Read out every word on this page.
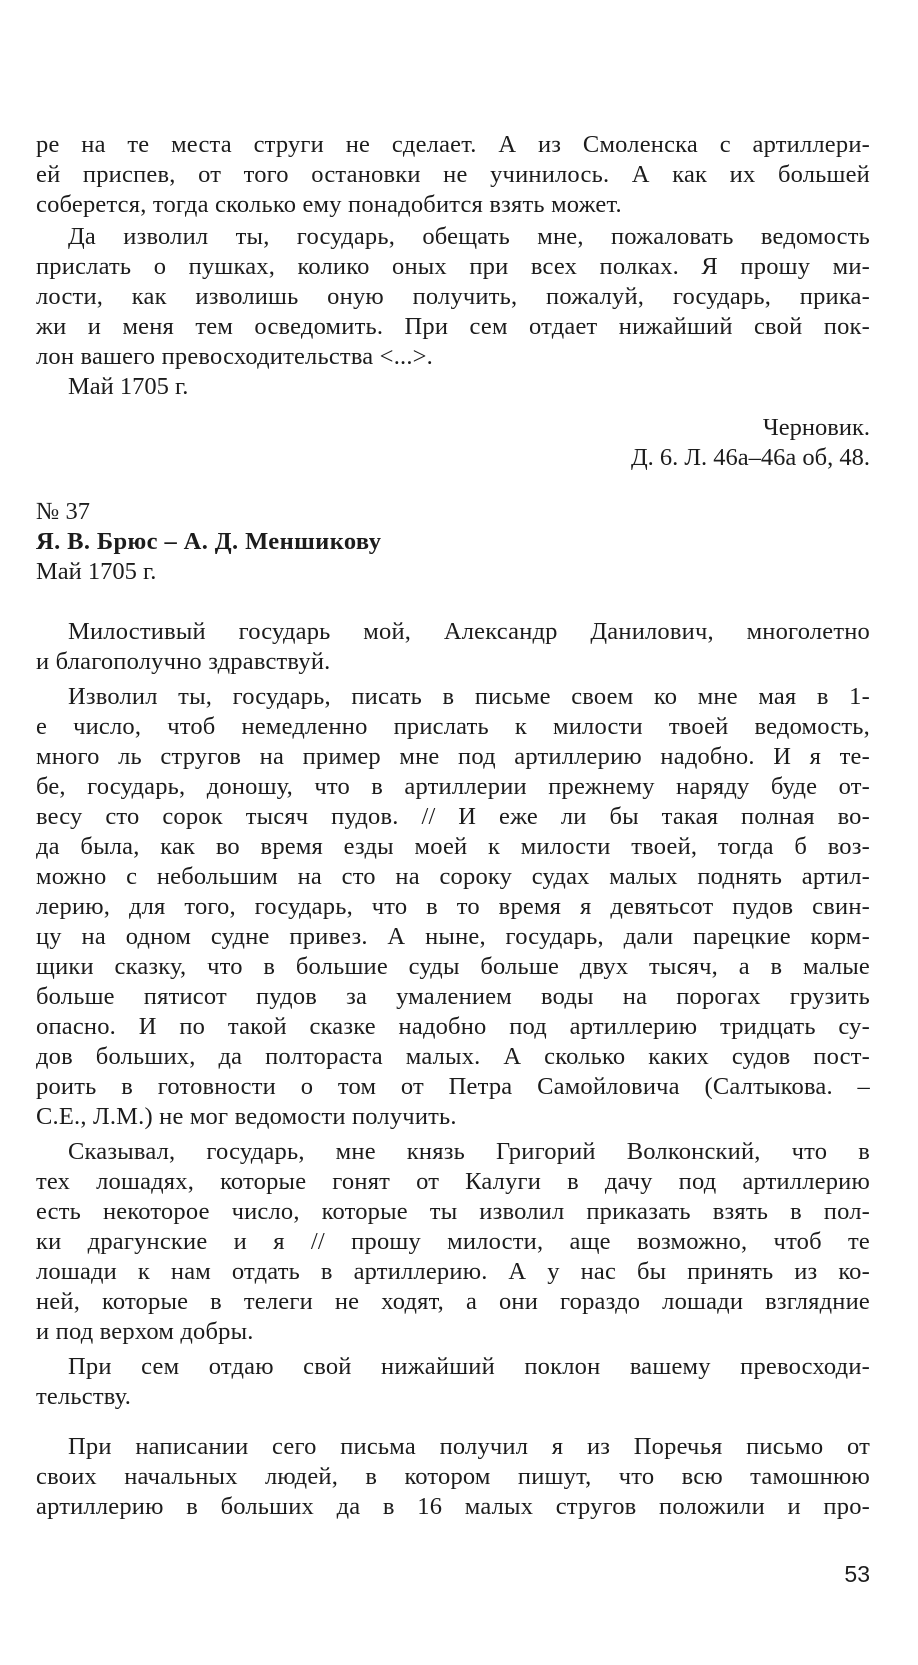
ре на те места струги не сделает. А из Смоленска с артиллери-
ей приспев, от того остановки не учинилось. А как их большей
соберется, тогда сколько ему понадобится взять может.
Да изволил ты, государь, обещать мне, пожаловать ведомость
прислать о пушках, колико оных при всех полках. Я прошу ми-
лости, как изволишь оную получить, пожалуй, государь, прика-
жи и меня тем осведомить. При сем отдает нижайший свой пок-
лон вашего превосходительства <...>.
Май 1705 г.
Черновик.
Д. 6. Л. 46а–46а об, 48.
№ 37
Я. В. Брюс – А. Д. Меншикову
Май 1705 г.
Милостивый государь мой, Александр Данилович, многолетно
и благополучно здравствуй.
Изволил ты, государь, писать в письме своем ко мне мая в 1-
е число, чтоб немедленно прислать к милости твоей ведомость,
много ль стругов на пример мне под артиллерию надобно. И я те-
бе, государь, доношу, что в артиллерии прежнему наряду буде от-
весу сто сорок тысяч пудов. // И еже ли бы такая полная во-
да была, как во время езды моей к милости твоей, тогда б воз-
можно с небольшим на сто на сороку судах малых поднять артил-
лерию, для того, государь, что в то время я девятьсот пудов свин-
цу на одном судне привез. А ныне, государь, дали парецкие корм-
щики сказку, что в большие суды больше двух тысяч, а в малые
больше пятисот пудов за умалением воды на порогах грузить
опасно. И по такой сказке надобно под артиллерию тридцать су-
дов больших, да полтораста малых. А сколько каких судов пост-
роить в готовности о том от Петра Самойловича (Салтыкова. –
С.Е., Л.М.) не мог ведомости получить.
Сказывал, государь, мне князь Григорий Волконский, что в
тех лошадях, которые гонят от Калуги в дачу под артиллерию
есть некоторое число, которые ты изволил приказать взять в пол-
ки драгунские и я // прошу милости, аще возможно, чтоб те
лошади к нам отдать в артиллерию. А у нас бы принять из ко-
ней, которые в телеги не ходят, а они гораздо лошади взглядние
и под верхом добры.
При сем отдаю свой нижайший поклон вашему превосходи-
тельству.
При написании сего письма получил я из Поречья письмо от
своих начальных людей, в котором пишут, что всю тамошнюю
артиллерию в больших да в 16 малых стругов положили и про-
53
